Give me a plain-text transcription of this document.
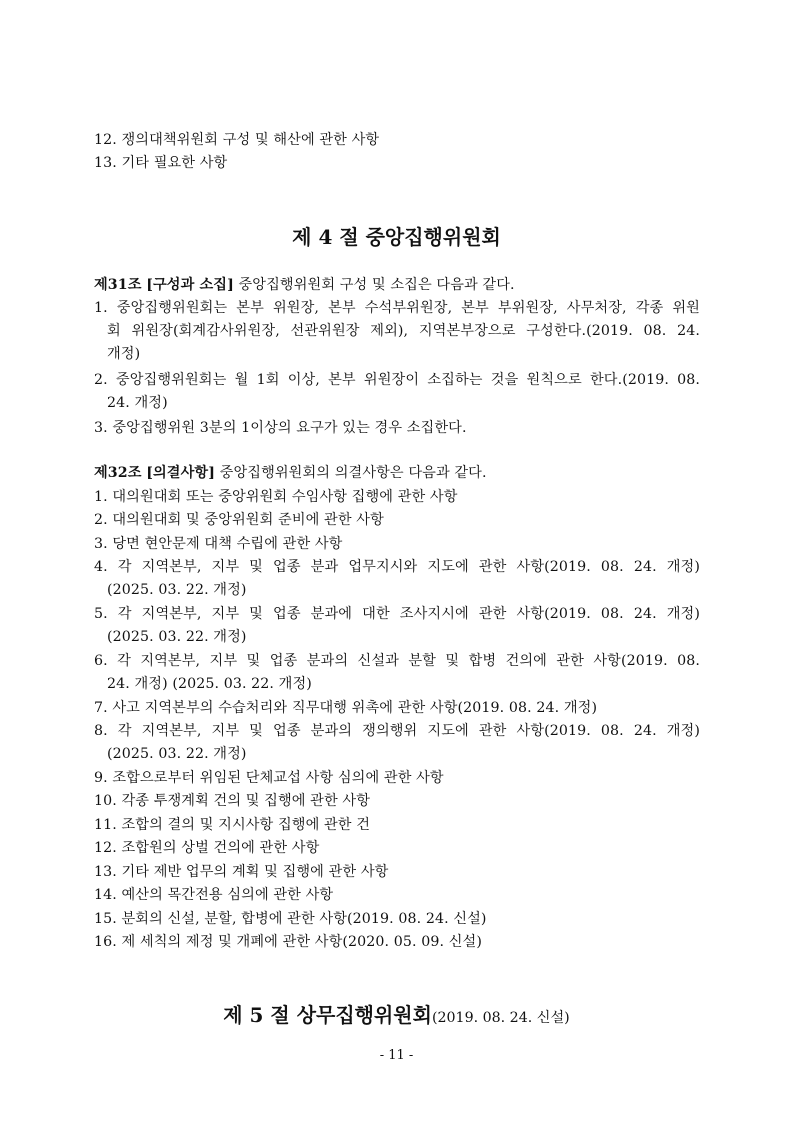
12. 쟁의대책위원회 구성 및 해산에 관한 사항
13. 기타 필요한 사항
제 4 절 중앙집행위원회
제31조 [구성과 소집] 중앙집행위원회 구성 및 소집은 다음과 같다.
1. 중앙집행위원회는 본부 위원장, 본부 수석부위원장, 본부 부위원장, 사무처장, 각종 위원
회 위원장(회계감사위원장, 선관위원장 제외), 지역본부장으로 구성한다.(2019. 08. 24.
개정)
2. 중앙집행위원회는 월 1회 이상, 본부 위원장이 소집하는 것을 원칙으로 한다.(2019. 08.
24. 개정)
3. 중앙집행위원 3분의 1이상의 요구가 있는 경우 소집한다.
제32조 [의결사항] 중앙집행위원회의 의결사항은 다음과 같다.
1. 대의원대회 또는 중앙위원회 수임사항 집행에 관한 사항
2. 대의원대회 및 중앙위원회 준비에 관한 사항
3. 당면 현안문제 대책 수립에 관한 사항
4. 각 지역본부, 지부 및 업종 분과 업무지시와 지도에 관한 사항(2019. 08. 24. 개정)
(2025. 03. 22. 개정)
5. 각 지역본부, 지부 및 업종 분과에 대한 조사지시에 관한 사항(2019. 08. 24. 개정)
(2025. 03. 22. 개정)
6. 각 지역본부, 지부 및 업종 분과의 신설과 분할 및 합병 건의에 관한 사항(2019. 08.
24. 개정) (2025. 03. 22. 개정)
7. 사고 지역본부의 수습처리와 직무대행 위촉에 관한 사항(2019. 08. 24. 개정)
8. 각 지역본부, 지부 및 업종 분과의 쟁의행위 지도에 관한 사항(2019. 08. 24. 개정)
(2025. 03. 22. 개정)
9. 조합으로부터 위임된 단체교섭 사항 심의에 관한 사항
10. 각종 투쟁계획 건의 및 집행에 관한 사항
11. 조합의 결의 및 지시사항 집행에 관한 건
12. 조합원의 상벌 건의에 관한 사항
13. 기타 제반 업무의 계획 및 집행에 관한 사항
14. 예산의 목간전용 심의에 관한 사항
15. 분회의 신설, 분할, 합병에 관한 사항(2019. 08. 24. 신설)
16. 제 세칙의 제정 및 개폐에 관한 사항(2020. 05. 09. 신설)
제 5 절 상무집행위원회(2019. 08. 24. 신설)
- 11 -
